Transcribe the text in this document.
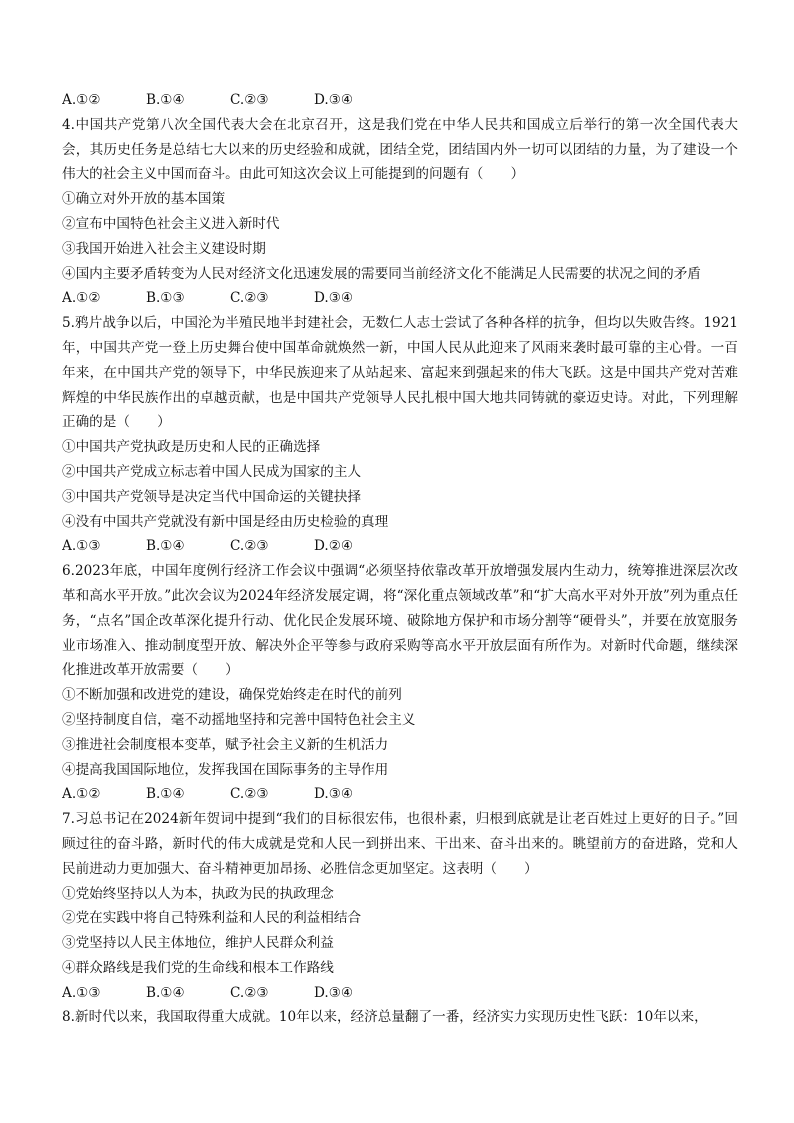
A.①②	B.①④	C.②③	D.③④
4.中国共产党第八次全国代表大会在北京召开，这是我们党在中华人民共和国成立后举行的第一次全国代表大会，其历史任务是总结七大以来的历史经验和成就，团结全党，团结国内外一切可以团结的力量，为了建设一个伟大的社会主义中国而奋斗。由此可知这次会议上可能提到的问题有（　　）
①确立对外开放的基本国策
②宣布中国特色社会主义进入新时代
③我国开始进入社会主义建设时期
④国内主要矛盾转变为人民对经济文化迅速发展的需要同当前经济文化不能满足人民需要的状况之间的矛盾
A.①②	B.①③	C.②③	D.③④
5.鸦片战争以后，中国沦为半殖民地半封建社会，无数仁人志士尝试了各种各样的抗争，但均以失败告终。1921年，中国共产党一登上历史舞台使中国革命就焕然一新，中国人民从此迎来了风雨来袭时最可靠的主心骨。一百年来，在中国共产党的领导下，中华民族迎来了从站起来、富起来到强起来的伟大飞跃。这是中国共产党对苦难辉煌的中华民族作出的卓越贡献，也是中国共产党领导人民扎根中国大地共同铸就的豪迈史诗。对此，下列理解正确的是（　　）
①中国共产党执政是历史和人民的正确选择
②中国共产党成立标志着中国人民成为国家的主人
③中国共产党领导是决定当代中国命运的关键抉择
④没有中国共产党就没有新中国是经由历史检验的真理
A.①③	B.①④	C.②③	D.②④
6.2023年底，中国年度例行经济工作会议中强调“必须坚持依靠改革开放增强发展内生动力，统筹推进深层次改革和高水平开放。”此次会议为2024年经济发展定调，将“深化重点领域改革”和“扩大高水平对外开放”列为重点任务，“点名”国企改革深化提升行动、优化民企发展环境、破除地方保护和市场分割等“硬骨头”，并要在放宽服务业市场准入、推动制度型开放、解决外企平等参与政府采购等高水平开放层面有所作为。对新时代命题，继续深化推进改革开放需要（　　）
①不断加强和改进党的建设，确保党始终走在时代的前列
②坚持制度自信，毫不动摇地坚持和完善中国特色社会主义
③推进社会制度根本变革，赋予社会主义新的生机活力
④提高我国国际地位，发挥我国在国际事务的主导作用
A.①②	B.①④	C.②③	D.③④
7.习总书记在2024新年贺词中提到“我们的目标很宏伟，也很朴素，归根到底就是让老百姓过上更好的日子。”回顾过往的奋斗路，新时代的伟大成就是党和人民一到拼出来、干出来、奋斗出来的。眺望前方的奋进路，党和人民前进动力更加强大、奋斗精神更加昂扬、必胜信念更加坚定。这表明（　　）
①党始终坚持以人为本，执政为民的执政理念
②党在实践中将自己特殊利益和人民的利益相结合
③党坚持以人民主体地位，维护人民群众利益
④群众路线是我们党的生命线和根本工作路线
A.①③	B.①④	C.②③	D.③④
8.新时代以来，我国取得重大成就。10年以来，经济总量翻了一番，经济实力实现历史性飞跃：10年以来，
